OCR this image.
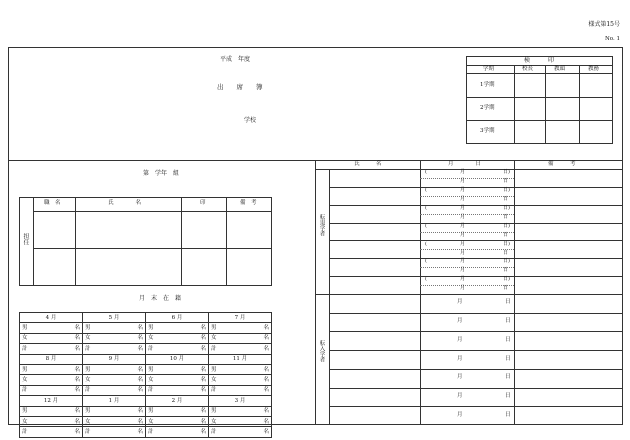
様式第15号
No. 1
平成　年度
出　　席　　簿
学校
検　　　印
学期	校長	教頭	教務
1学期
2学期
3学期
第　学年　組
担任
職　名	氏　　　　名	印	備　考
月　末　在　籍
4 月	5 月	6 月	7 月
男 名	男 名	男 名	男 名

女 名	女 名	女 名	女 名

計 名	計 名	計 名	計 名

8 月	9 月	10 月	11 月
男 名	男 名	男 名	男 名

女 名	女 名	女 名	女 名

計 名	計 名	計 名	計 名

12 月	1 月	2 月	3 月
男 名	男 名	男 名	男 名

女 名	女 名	女 名	女 名

計 名	計 名	計 名	計 名
氏　　　名	月　　　　日	備　　　考
転退学者
転入学者
(	月	日)
月	日
(	月	日)
月	日
(	月	日)
月	日
(	月	日)
月	日
(	月	日)
月	日
(	月	日)
月	日
(	月	日)
月	日
月	日
月	日
月	日
月	日
月	日
月	日
月	日
